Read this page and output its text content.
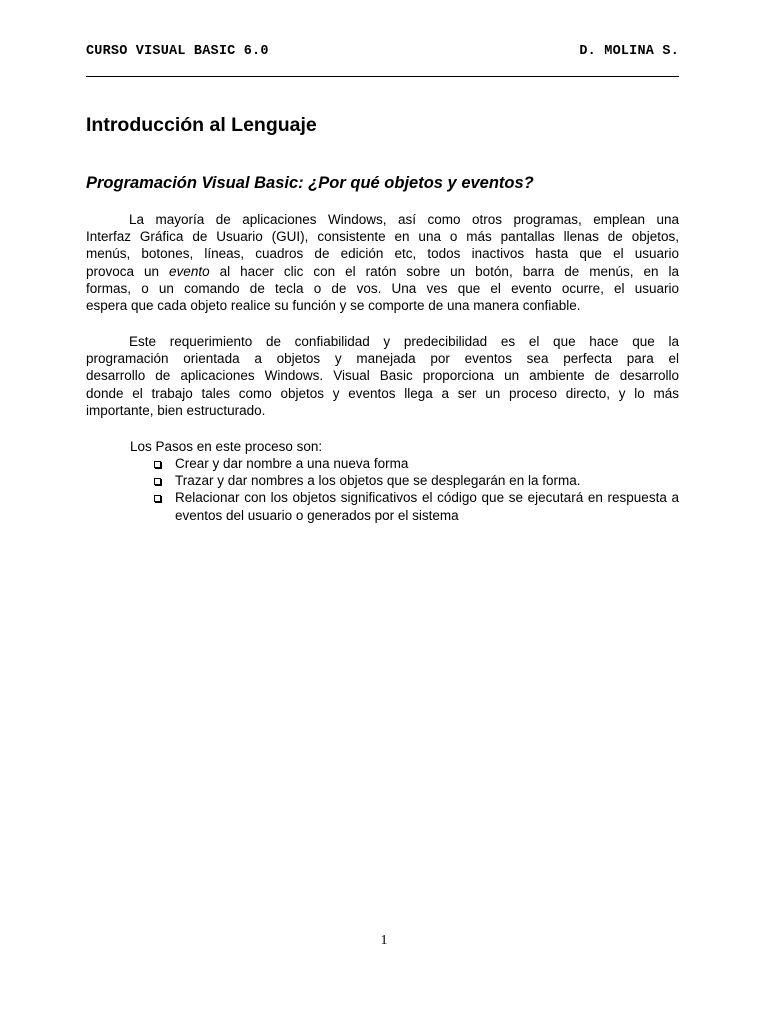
CURSO VISUAL BASIC 6.0	D. MOLINA S.
Introducción al Lenguaje
Programación Visual Basic: ¿Por qué objetos y eventos?
La mayoría de aplicaciones Windows, así como otros programas, emplean una
Interfaz Gráfica de Usuario (GUI), consistente en una o más pantallas llenas de objetos,
menús, botones, líneas, cuadros de edición etc, todos inactivos hasta que el usuario
provoca un evento al hacer clic con el ratón sobre un botón, barra de menús, en la
formas, o un comando de tecla o de vos. Una ves que el evento ocurre, el usuario
espera que cada objeto realice su función y se comporte de una manera confiable.
Este requerimiento de confiabilidad y predecibilidad es el que hace que la
programación orientada a objetos y manejada por eventos sea perfecta para el
desarrollo de aplicaciones Windows. Visual Basic proporciona un ambiente de desarrollo
donde el trabajo tales como objetos y eventos llega a ser un proceso directo, y lo más
importante, bien estructurado.

Los Pasos en este proceso son:

Crear y dar nombre a una nueva forma
Trazar y dar nombres a los objetos que se desplegarán en la forma.
Relacionar con los objetos significativos el código que se ejecutará en respuesta a eventos del usuario o generados por el sistema
1
